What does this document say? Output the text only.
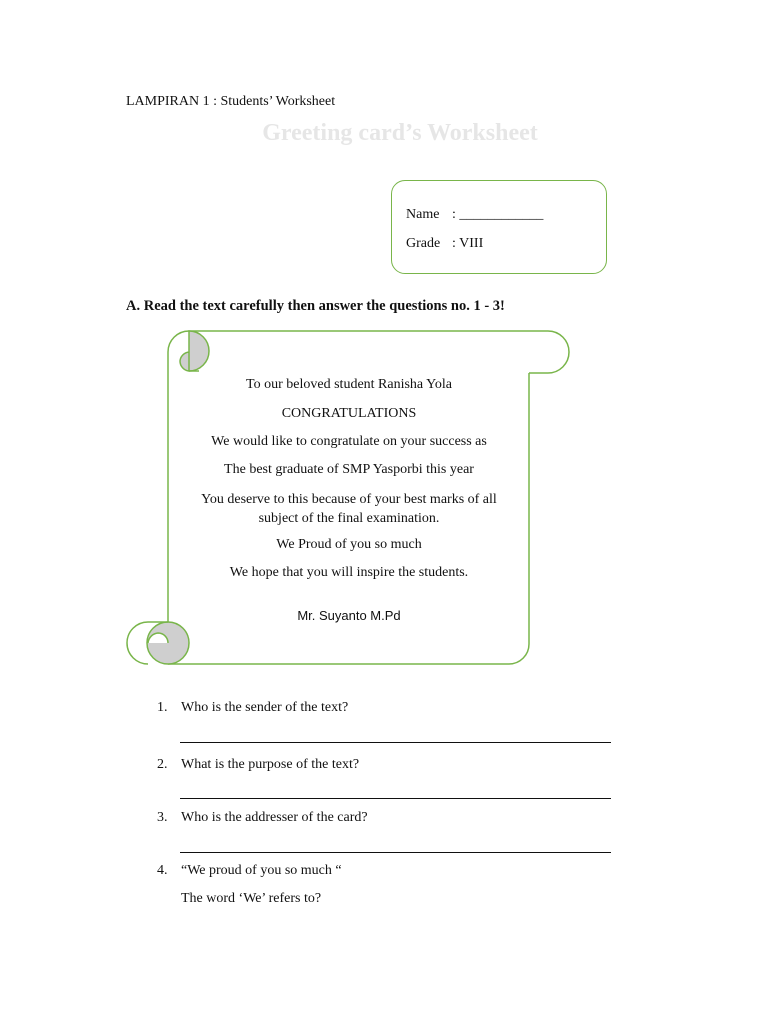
LAMPIRAN 1 : Students’ Worksheet
Greeting card’s Worksheet
Name : ____________
Grade : VIII
A. Read the text carefully then answer the questions no. 1 - 3!
To our beloved student Ranisha Yola
CONGRATULATIONS
We would like to congratulate on your success as
The best graduate of SMP Yasporbi this year
You deserve to this because of your best marks of all subject of the final examination.
We Proud of you so much
We hope that you will inspire the students.
Mr. Suyanto M.Pd
1. Who is the sender of the text?
2. What is the purpose of the text?
3. Who is the addresser of the card?
4. “We proud of you so much “
The word ‘We’ refers to?
